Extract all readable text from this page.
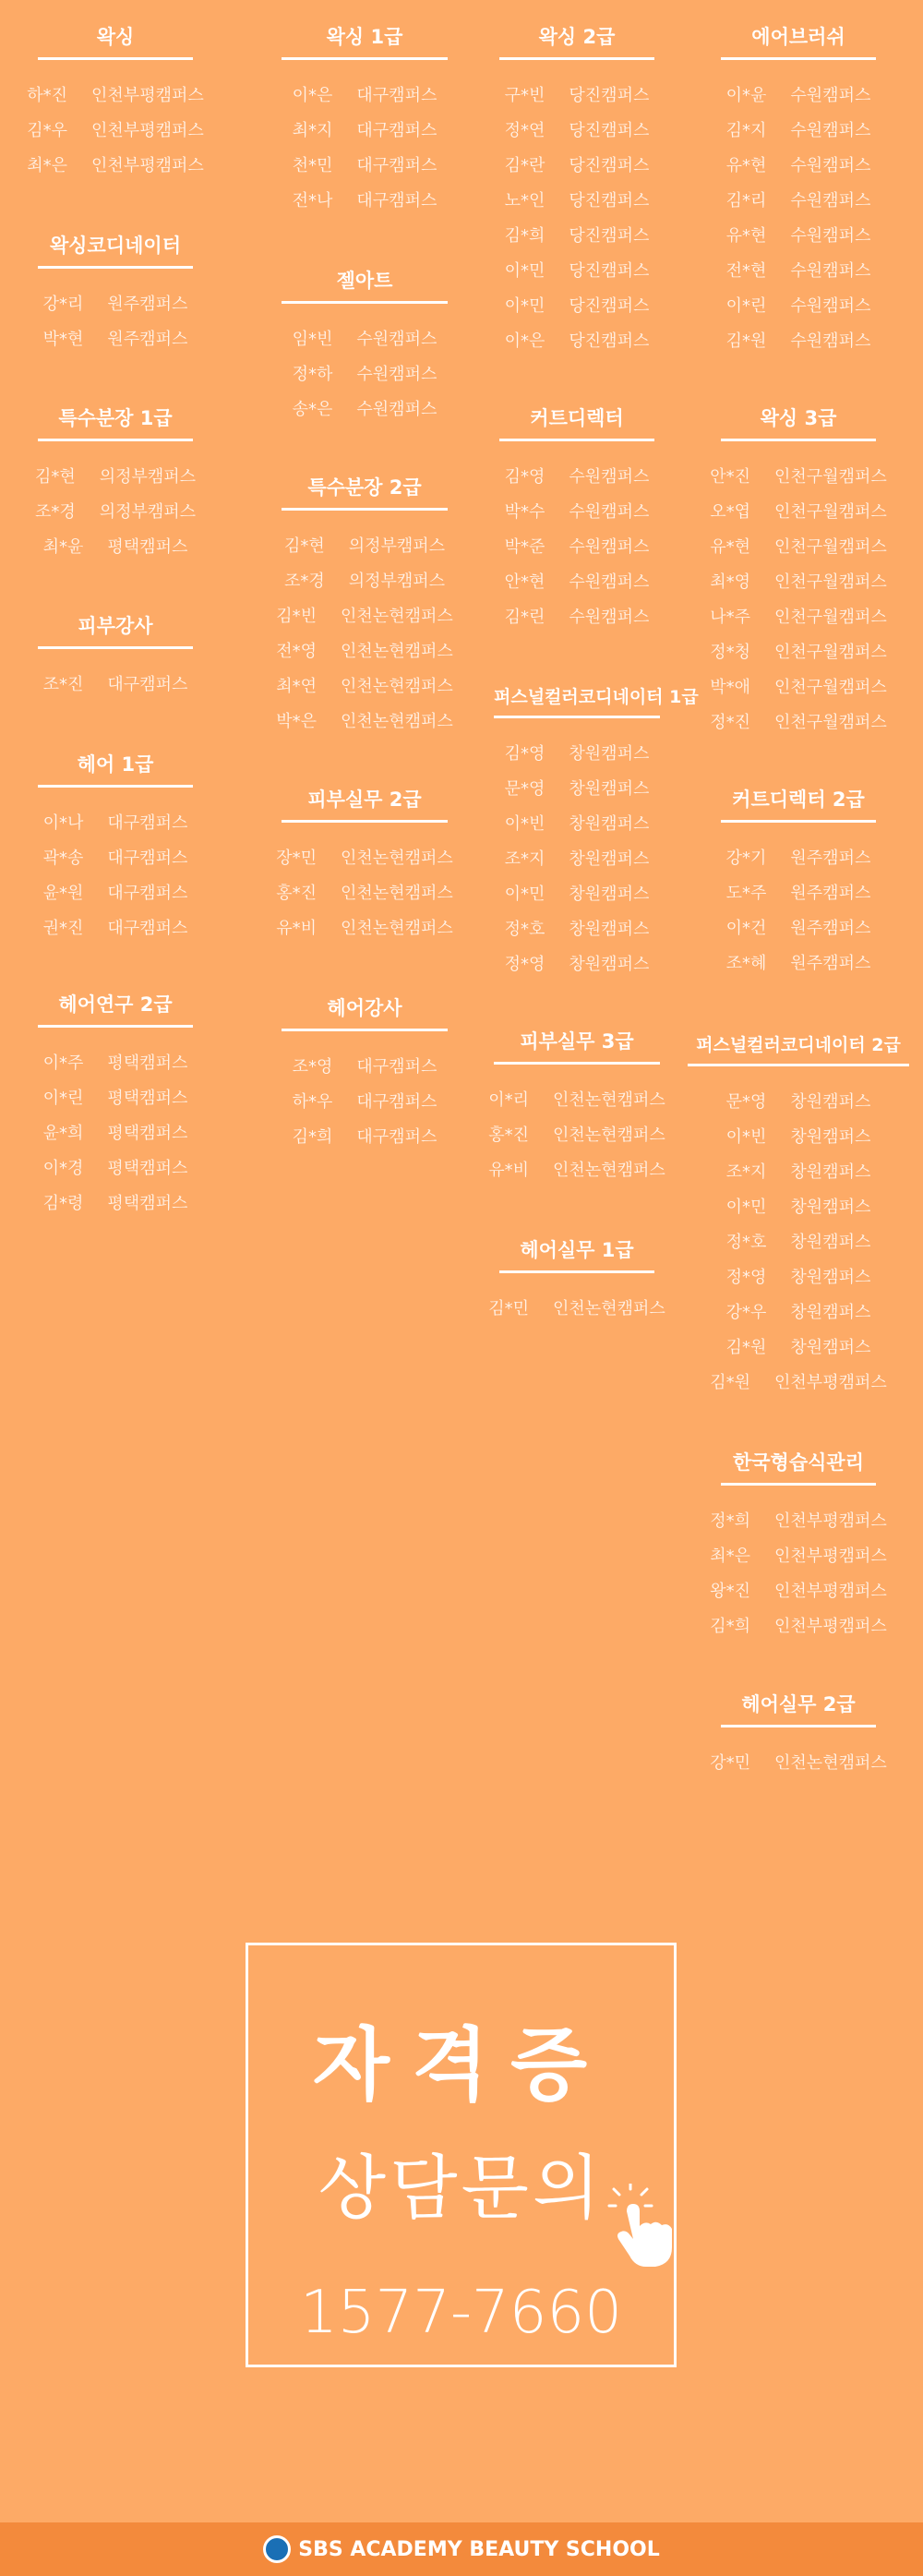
왁싱
하*진 인천부평캠퍼스
김*우 인천부평캠퍼스
최*은 인천부평캠퍼스
왁싱코디네이터
강*리 원주캠퍼스
박*현 원주캠퍼스
특수분장 1급
김*현 의정부캠퍼스
조*경 의정부캠퍼스
최*윤 평택캠퍼스
피부강사
조*진 대구캠퍼스
헤어 1급
이*나 대구캠퍼스
곽*송 대구캠퍼스
윤*원 대구캠퍼스
권*진 대구캠퍼스
헤어연구 2급
이*주 평택캠퍼스
이*린 평택캠퍼스
윤*희 평택캠퍼스
이*경 평택캠퍼스
김*령 평택캠퍼스
왁싱 1급
이*은 대구캠퍼스
최*지 대구캠퍼스
천*민 대구캠퍼스
전*나 대구캠퍼스
젤아트
임*빈 수원캠퍼스
정*하 수원캠퍼스
송*은 수원캠퍼스
특수분장 2급
김*현 의정부캠퍼스
조*경 의정부캠퍼스
김*빈 인천논현캠퍼스
전*영 인천논현캠퍼스
최*연 인천논현캠퍼스
박*은 인천논현캠퍼스
피부실무 2급
장*민 인천논현캠퍼스
홍*진 인천논현캠퍼스
유*비 인천논현캠퍼스
헤어강사
조*영 대구캠퍼스
하*우 대구캠퍼스
김*희 대구캠퍼스
왁싱 2급
구*빈 당진캠퍼스
정*연 당진캠퍼스
김*란 당진캠퍼스
노*인 당진캠퍼스
김*희 당진캠퍼스
이*민 당진캠퍼스
이*민 당진캠퍼스
이*은 당진캠퍼스
커트디렉터
김*영 수원캠퍼스
박*수 수원캠퍼스
박*준 수원캠퍼스
안*현 수원캠퍼스
김*린 수원캠퍼스
퍼스널컬러코디네이터 1급
김*영 창원캠퍼스
문*영 창원캠퍼스
이*빈 창원캠퍼스
조*지 창원캠퍼스
이*민 창원캠퍼스
정*호 창원캠퍼스
정*영 창원캠퍼스
피부실무 3급
이*리 인천논현캠퍼스
홍*진 인천논현캠퍼스
유*비 인천논현캠퍼스
헤어실무 1급
김*민 인천논현캠퍼스
에어브러쉬
이*윤 수원캠퍼스
김*지 수원캠퍼스
유*현 수원캠퍼스
김*리 수원캠퍼스
유*현 수원캠퍼스
전*현 수원캠퍼스
이*린 수원캠퍼스
김*원 수원캠퍼스
왁싱 3급
안*진 인천구월캠퍼스
오*엽 인천구월캠퍼스
유*현 인천구월캠퍼스
최*영 인천구월캠퍼스
나*주 인천구월캠퍼스
정*청 인천구월캠퍼스
박*애 인천구월캠퍼스
정*진 인천구월캠퍼스
커트디렉터 2급
강*기 원주캠퍼스
도*주 원주캠퍼스
이*건 원주캠퍼스
조*혜 원주캠퍼스
퍼스널컬러코디네이터 2급
문*영 창원캠퍼스
이*빈 창원캠퍼스
조*지 창원캠퍼스
이*민 창원캠퍼스
정*호 창원캠퍼스
정*영 창원캠퍼스
강*우 창원캠퍼스
김*원 창원캠퍼스
김*원 인천부평캠퍼스
한국형습식관리
정*희 인천부평캠퍼스
최*은 인천부평캠퍼스
왕*진 인천부평캠퍼스
김*희 인천부평캠퍼스
헤어실무 2급
강*민 인천논현캠퍼스
자격증
상담문의
1577-7660
SBS ACADEMY BEAUTY SCHOOL
